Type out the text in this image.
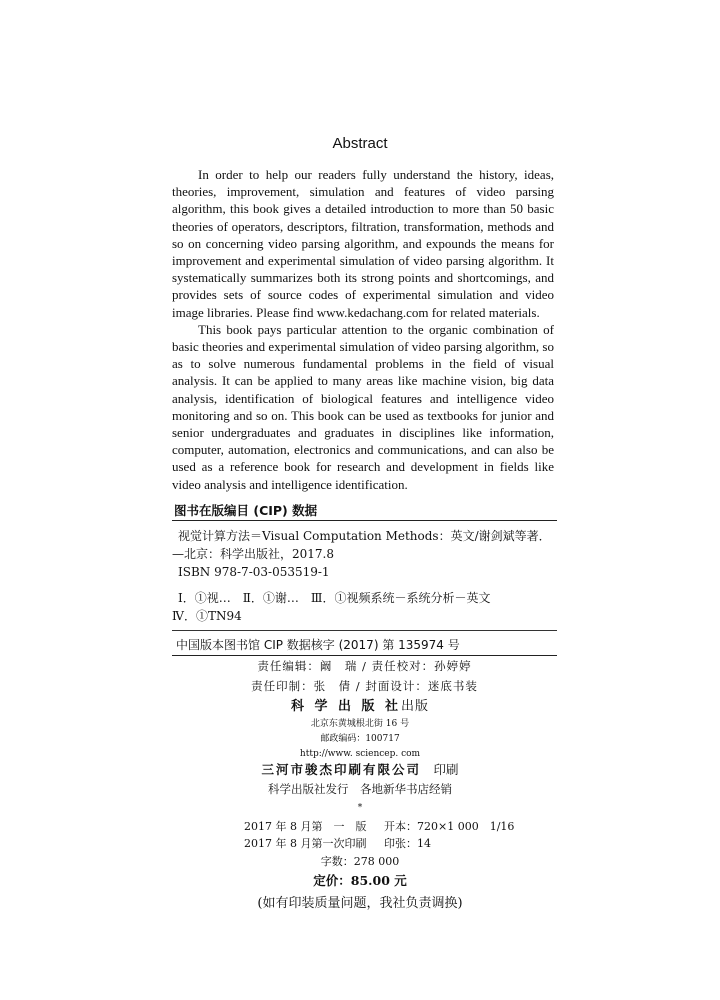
Abstract

In order to help our readers fully understand the history, ideas, theories, improvement, simulation and features of video parsing algorithm, this book gives a detailed introduction to more than 50 basic theories of operators, descriptors, filtration, transformation, methods and so on concerning video parsing algorithm, and expounds the means for improvement and experimental simulation of video parsing algorithm. It systematically summarizes both its strong points and shortcomings, and provides sets of source codes of experimental simulation and video image libraries. Please find www.kedachang.com for related materials.

This book pays particular attention to the organic combination of basic theories and experimental simulation of video parsing algorithm, so as to solve numerous fundamental problems in the field of visual analysis. It can be applied to many areas like machine vision, big data analysis, identification of biological features and intelligence video monitoring and so on. This book can be used as textbooks for junior and senior undergraduates and graduates in disciplines like information, computer, automation, electronics and communications, and can also be used as a reference book for research and development in fields like video analysis and intelligence identification.

图书在版编目 (CIP) 数据
视觉计算方法＝Visual Computation Methods：英文/谢剑斌等著．
—北京：科学出版社，2017.8
ISBN 978-7-03-053519-1
Ⅰ．①视…　Ⅱ．①谢…　Ⅲ．①视频系统－系统分析－英文
Ⅳ．①TN94
中国版本图书馆 CIP 数据核字 (2017) 第 135974 号
责任编辑：阚　瑞 / 责任校对：孙婷婷
责任印制：张　倩 / 封面设计：迷底书装
科 学 出 版 社出版
北京东黄城根北街 16 号
邮政编码：100717
http://www. sciencep. com
三河市骏杰印刷有限公司　 印刷
科学出版社发行　各地新华书店经销
*
2017 年 8 月第　一　版 开本：720×1 000　1/16
2017 年 8 月第一次印刷 印张：14
字数：278 000
定价：85.00 元
(如有印装质量问题，我社负责调换)
